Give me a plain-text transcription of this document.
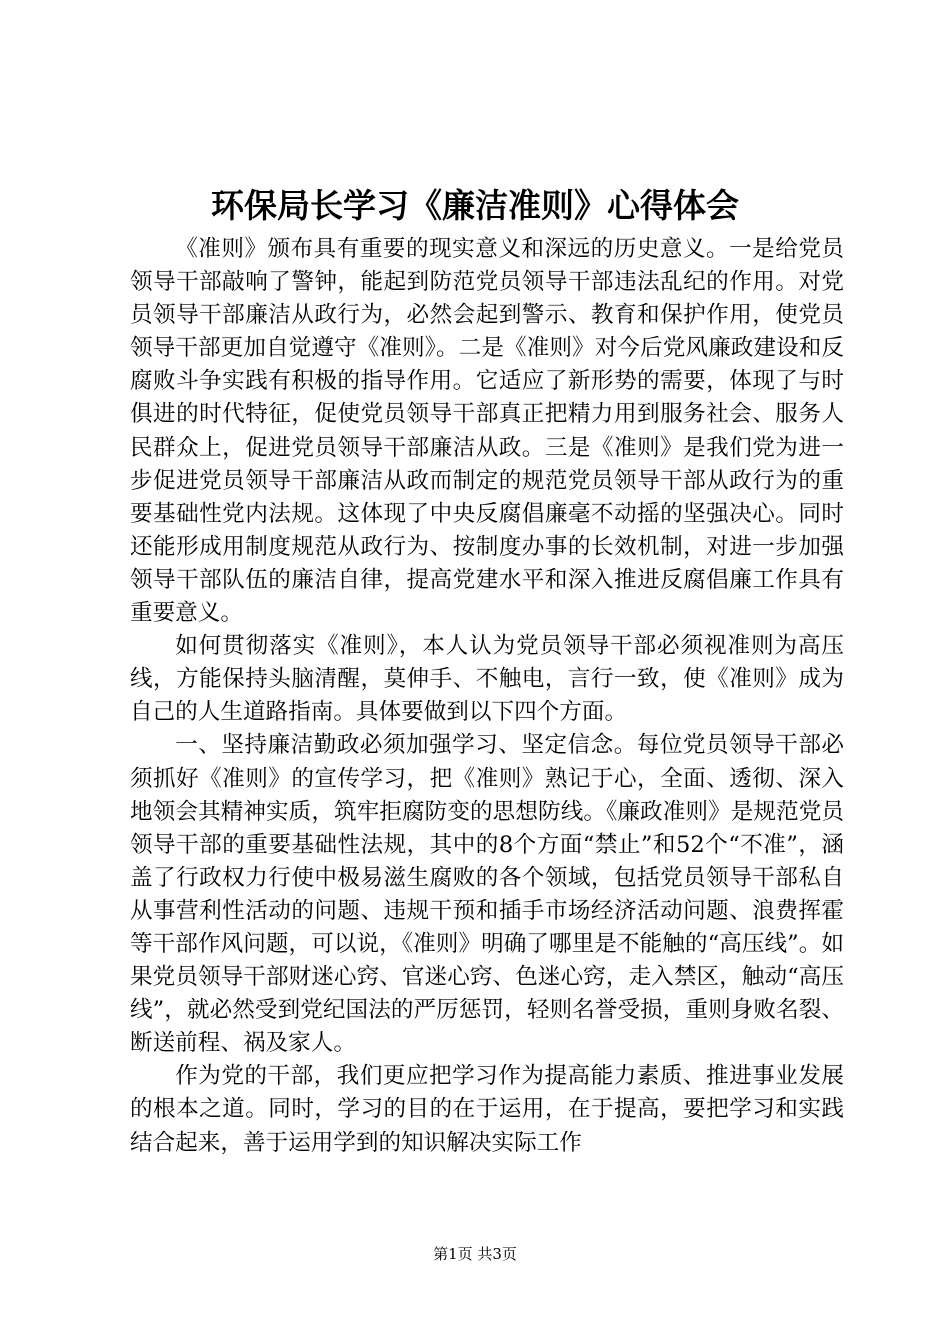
环保局长学习《廉洁准则》心得体会

《准则》颁布具有重要的现实意义和深远的历史意义。一是给党员领导干部敲响了警钟，能起到防范党员领导干部违法乱纪的作用。对党员领导干部廉洁从政行为，必然会起到警示、教育和保护作用，使党员领导干部更加自觉遵守《准则》。二是《准则》对今后党风廉政建设和反腐败斗争实践有积极的指导作用。它适应了新形势的需要，体现了与时俱进的时代特征，促使党员领导干部真正把精力用到服务社会、服务人民群众上，促进党员领导干部廉洁从政。三是《准则》是我们党为进一步促进党员领导干部廉洁从政而制定的规范党员领导干部从政行为的重要基础性党内法规。这体现了中央反腐倡廉毫不动摇的坚强决心。同时还能形成用制度规范从政行为、按制度办事的长效机制，对进一步加强领导干部队伍的廉洁自律，提高党建水平和深入推进反腐倡廉工作具有重要意义。

如何贯彻落实《准则》，本人认为党员领导干部必须视准则为高压线，方能保持头脑清醒，莫伸手、不触电，言行一致，使《准则》成为自己的人生道路指南。具体要做到以下四个方面。

一、坚持廉洁勤政必须加强学习、坚定信念。每位党员领导干部必须抓好《准则》的宣传学习，把《准则》熟记于心，全面、透彻、深入地领会其精神实质，筑牢拒腐防变的思想防线。《廉政准则》是规范党员领导干部的重要基础性法规，其中的8个方面“禁止”和52个“不准”，涵盖了行政权力行使中极易滋生腐败的各个领域，包括党员领导干部私自从事营利性活动的问题、违规干预和插手市场经济活动问题、浪费挥霍等干部作风问题，可以说，《准则》明确了哪里是不能触的“高压线”。如果党员领导干部财迷心窍、官迷心窍、色迷心窍，走入禁区，触动“高压线”，就必然受到党纪国法的严厉惩罚，轻则名誉受损，重则身败名裂、断送前程、祸及家人。

作为党的干部，我们更应把学习作为提高能力素质、推进事业发展的根本之道。同时，学习的目的在于运用，在于提高，要把学习和实践结合起来，善于运用学到的知识解决实际工作

第1页 共3页
